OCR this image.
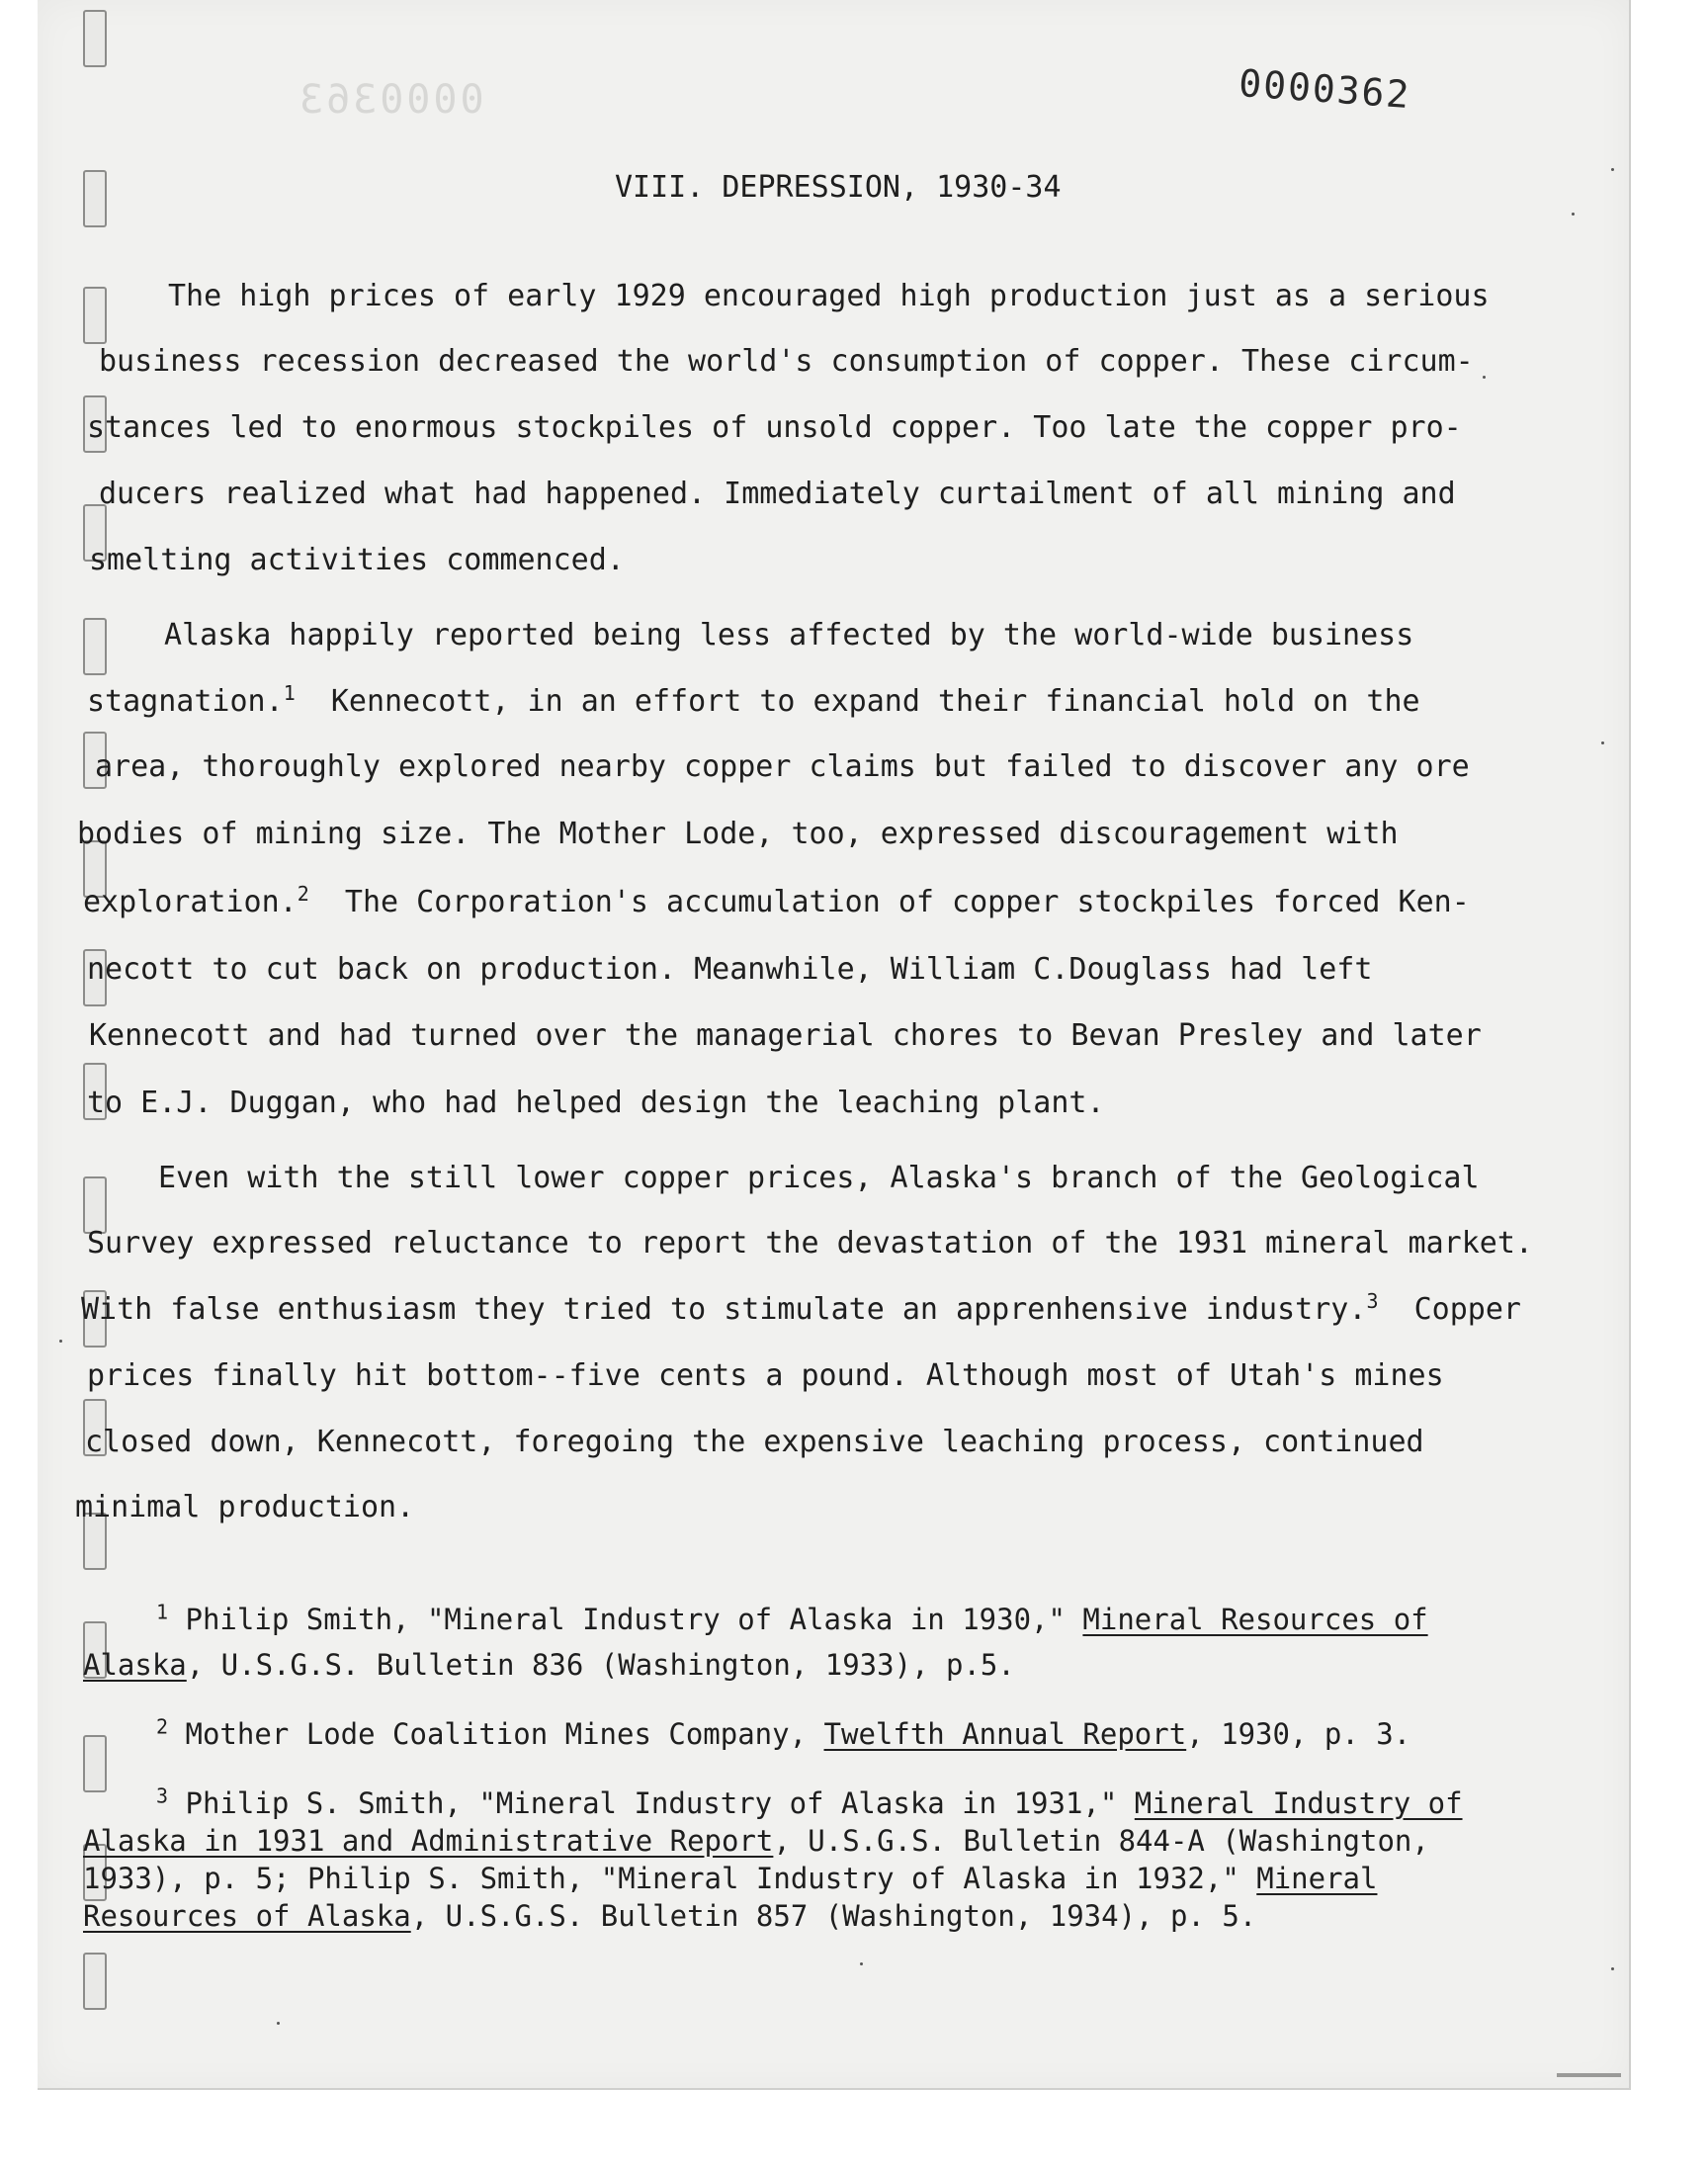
0000363	0000362
VIII. DEPRESSION, 1930-34
The high prices of early 1929 encouraged high production just as a serious
business recession decreased the world's consumption of copper. These circum-
stances led to enormous stockpiles of unsold copper. Too late the copper pro-
ducers realized what had happened. Immediately curtailment of all mining and
smelting activities commenced.
Alaska happily reported being less affected by the world-wide business
stagnation.$^1$ Kennecott, in an effort to expand their financial hold on the
area, thoroughly explored nearby copper claims but failed to discover any ore
bodies of mining size. The Mother Lode, too, expressed discouragement with
exploration.$^2$ The Corporation's accumulation of copper stockpiles forced Ken-
necott to cut back on production. Meanwhile, William C.Douglass had left
Kennecott and had turned over the managerial chores to Bevan Presley and later
to E.J. Duggan, who had helped design the leaching plant.
Even with the still lower copper prices, Alaska's branch of the Geological
Survey expressed reluctance to report the devastation of the 1931 mineral market.
With false enthusiasm they tried to stimulate an apprenhensive industry.$^3$ Copper
prices finally hit bottom--five cents a pound. Although most of Utah's mines
closed down, Kennecott, foregoing the expensive leaching process, continued
minimal production.
$^1$ Philip Smith, "Mineral Industry of Alaska in 1930," Mineral Resources of
Alaska, U.S.G.S. Bulletin 836 (Washington, 1933), p.5.
$^2$ Mother Lode Coalition Mines Company, Twelfth Annual Report, 1930, p. 3.
$^3$ Philip S. Smith, "Mineral Industry of Alaska in 1931," Mineral Industry of
Alaska in 1931 and Administrative Report, U.S.G.S. Bulletin 844-A (Washington,
1933), p. 5; Philip S. Smith, "Mineral Industry of Alaska in 1932," Mineral
Resources of Alaska, U.S.G.S. Bulletin 857 (Washington, 1934), p. 5.
